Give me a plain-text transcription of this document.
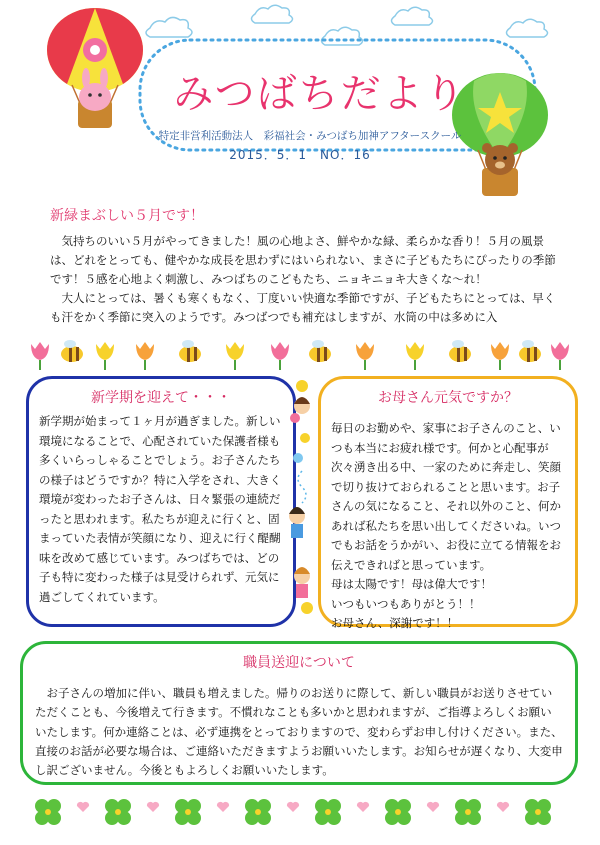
みつばちだより
特定非営利活動法人　彩福社会・みつばち加神アフタースクール
2015．5．1　NO．16
新緑まぶしい５月です！

気持ちのいい５月がやってきました！風の心地よさ、鮮やかな緑、柔らかな香り！５月の風景は、どれをとっても、健やかな成長を思わずにはいられない、まさに子どもたちにぴったりの季節です！５感を心地よく刺激し、みつばちのこどもたち、ニョキニョキ大きくな〜れ！

大人にとっては、暑くも寒くもなく、丁度いい快適な季節ですが、子どもたちにとっては、早くも汗をかく季節に突入のようです。みつばつでも補充はしますが、水筒の中は多めに入

新学期を迎えて・・・
新学期が始まって１ヶ月が過ぎました。新しい環境になることで、心配されていた保護者様も多くいらっしゃることでしょう。お子さんたちの様子はどうですか？特に入学をされ、大きく環境が変わったお子さんは、日々緊張の連続だったと思われます。私たちが迎えに行くと、固まっていた表情が笑顔になり、迎えに行く醍醐味を改めて感じています。みつばちでは、どの子も特に変わった様子は見受けられず、元気に過ごしてくれています。
お母さん元気ですか？

毎日のお勤めや、家事にお子さんのこと、いつも本当にお疲れ様です。何かと心配事が次々湧き出る中、一家のために奔走し、笑顔で切り抜けておられることと思います。お子さんの気になること、それ以外のこと、何かあれば私たちを思い出してくださいね。いつでもお話をうかがい、お役に立てる情報をお伝えできればと思っています。

母は太陽です！母は偉大です！

いつもいつもありがとう！！

お母さん、深謝です！！

職員送迎について

お子さんの増加に伴い、職員も増えました。帰りのお送りに際して、新しい職員がお送りさせていただくことも、今後増えて行きます。不慣れなことも多いかと思われますが、ご指導よろしくお願いいたします。何か連絡ことは、必ず連携をとっておりますので、変わらずお申し付けください。また、直接のお話が必要な場合は、ご連絡いただきますようお願いいたします。お知らせが遅くなり、大変申し訳ございません。今後ともよろしくお願いいたします。
